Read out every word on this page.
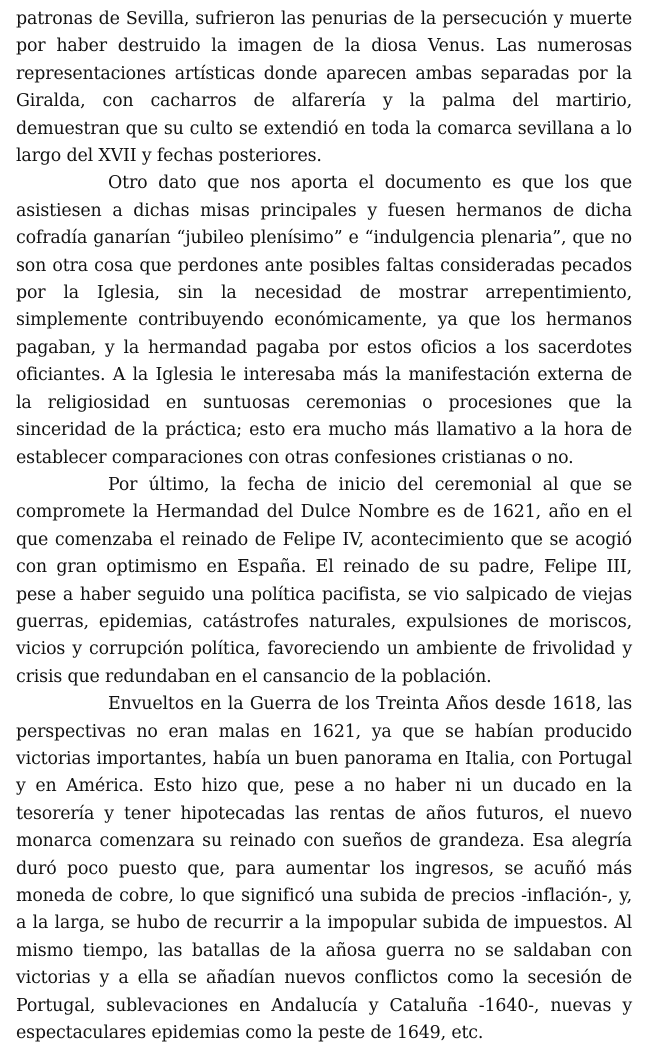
patronas de Sevilla, sufrieron las penurias de la persecución y muerte por haber destruido la imagen de la diosa Venus. Las numerosas representaciones artísticas donde aparecen ambas separadas por la Giralda, con cacharros de alfarería y la palma del martirio, demuestran que su culto se extendió en toda la comarca sevillana a lo largo del XVII y fechas posteriores.

Otro dato que nos aporta el documento es que los que asistiesen a dichas misas principales y fuesen hermanos de dicha cofradía ganarían “jubileo plenísimo” e “indulgencia plenaria”, que no son otra cosa que perdones ante posibles faltas consideradas pecados por la Iglesia, sin la necesidad de mostrar arrepentimiento, simplemente contribuyendo económicamente, ya que los hermanos pagaban, y la hermandad pagaba por estos oficios a los sacerdotes oficiantes. A la Iglesia le interesaba más la manifestación externa de la religiosidad en suntuosas ceremonias o procesiones que la sinceridad de la práctica; esto era mucho más llamativo a la hora de establecer comparaciones con otras confesiones cristianas o no.

Por último, la fecha de inicio del ceremonial al que se compromete la Hermandad del Dulce Nombre es de 1621, año en el que comenzaba el reinado de Felipe IV, acontecimiento que se acogió con gran optimismo en España. El reinado de su padre, Felipe III, pese a haber seguido una política pacifista, se vio salpicado de viejas guerras, epidemias, catástrofes naturales, expulsiones de moriscos, vicios y corrupción política, favoreciendo un ambiente de frivolidad y crisis que redundaban en el cansancio de la población.

Envueltos en la Guerra de los Treinta Años desde 1618, las perspectivas no eran malas en 1621, ya que se habían producido victorias importantes, había un buen panorama en Italia, con Portugal y en América. Esto hizo que, pese a no haber ni un ducado en la tesorería y tener hipotecadas las rentas de años futuros, el nuevo monarca comenzara su reinado con sueños de grandeza. Esa alegría duró poco puesto que, para aumentar los ingresos, se acuñó más moneda de cobre, lo que significó una subida de precios -inflación-, y, a la larga, se hubo de recurrir a la impopular subida de impuestos. Al mismo tiempo, las batallas de la añosa guerra no se saldaban con victorias y a ella se añadían nuevos conflictos como la secesión de Portugal, sublevaciones en Andalucía y Cataluña -1640-, nuevas y espectaculares epidemias como la peste de 1649, etc.
